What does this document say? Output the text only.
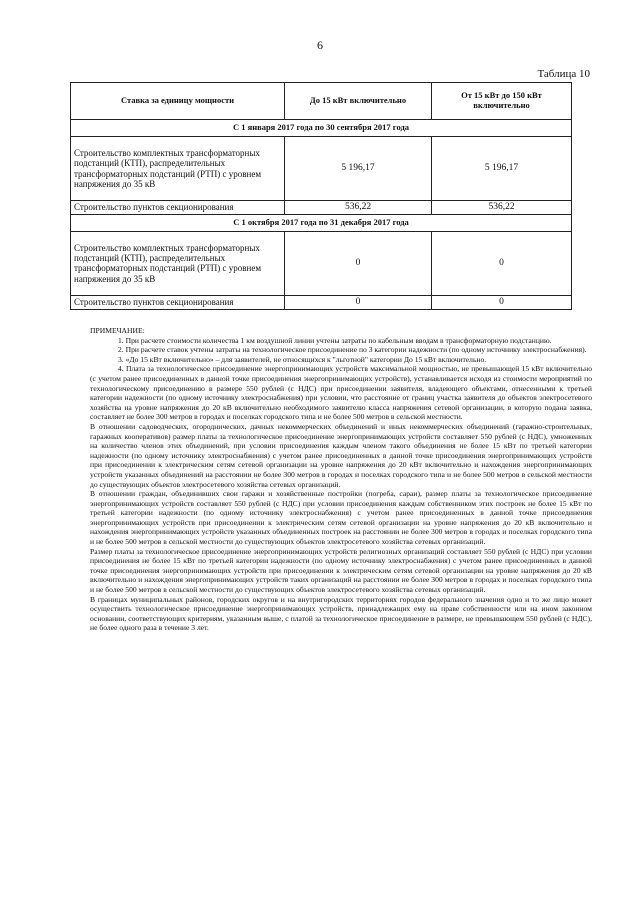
6
Таблица 10
Ставка за единицу мощности	До 15 кВт включительно	От 15 кВт до 150 кВт включительно
С 1 января 2017 года по 30 сентября 2017 года		
Строительство комплектных трансформаторных подстанций (КТП), распределительных трансформаторных подстанций (РТП) с уровнем напряжения до 35 кВ	5 196,17	5 196,17
Строительство пунктов секционирования	536,22	536,22
С 1 октября 2017 года по 31 декабря 2017 года		
Строительство комплектных трансформаторных подстанций (КТП), распределительных трансформаторных подстанций (РТП) с уровнем напряжения до 35 кВ	0	0
Строительство пунктов секционирования	0	0

ПРИМЕЧАНИЕ:

1. При расчете стоимости количества 1 км воздушной линии учтены затраты по кабельным вводам в трансформаторную подстанцию.

2. При расчете ставок учтены затраты на технологическое присоединение по 3 категории надежности (по одному источнику электроснабжения).

3. «До 15 кВт включительно» – для заявителей, не относящихся к "льготной" категории До 15 кВт включительно.

4. Плата за технологическое присоединение энергопринимающих устройств максимальной мощностью, не превышающей 15 кВт включительно (с учетом ранее присоединенных в данной точке присоединения энергопринимающих устройств), устанавливается исходя из стоимости мероприятий по технологическому присоединению в размере 550 рублей (с НДС) при присоединении заявителя, владеющего объектами, отнесенными к третьей категории надежности (по одному источнику электроснабжения) при условии, что расстояние от границ участка заявителя до объектов электросетевого хозяйства на уровне напряжения до 20 кВ включительно необходимого заявителю класса напряжения сетевой организации, в которую подана заявка, составляет не более 300 метров в городах и поселках городского типа и не более 500 метров в сельской местности.

В отношении садоводческих, огороднических, дачных некоммерческих объединений и иных некоммерческих объединений (гаражно-строительных, гаражных кооперативов) размер платы за технологическое присоединение энергопринимающих устройств составляет 550 рублей (с НДС), умноженных на количество членов этих объединений, при условии присоединения каждым членом такого объединения не более 15 кВт по третьей категории надежности (по одному источнику электроснабжения) с учетом ранее присоединенных в данной точке присоединения энергопринимающих устройств при присоединении к электрическим сетям сетевой организации на уровне напряжения до 20 кВт включительно и нахождения энергопринимающих устройств указанных объединений на расстоянии не более 300 метров в городах и поселках городского типа и не более 500 метров в сельской местности до существующих объектов электросетевого хозяйства сетевых организаций.

В отношении граждан, объединивших свои гаражи и хозяйственные постройки (погреба, сараи), размер платы за технологическое присоединение энергопринимающих устройств составляет 550 рублей (с НДС) при условии присоединения каждым собственником этих построек не более 15 кВт по третьей категории надежности (по одному источнику электроснабжения) с учетом ранее присоединенных в данной точке присоединения энергопринимающих устройств при присоединении к электрическим сетям сетевой организации на уровне напряжения до 20 кВ включительно и нахождения энергопринимающих устройств указанных объединенных построек на расстоянии не более 300 метров в городах и поселках городского типа и не более 500 метров в сельской местности до существующих объектов электросетевого хозяйства сетевых организаций.

Размер платы за технологическое присоединение энергопринимающих устройств религиозных организаций составляет 550 рублей (с НДС) при условии присоединения не более 15 кВт по третьей категории надежности (по одному источнику электроснабжения) с учетом ранее присоединенных в данной точке присоединения энергопринимающих устройств при присоединении к электрическим сетям сетевой организации на уровне напряжения до 20 кВ включительно и нахождения энергопринимающих устройств таких организаций на расстоянии не более 300 метров в городах и поселках городского типа и не более 500 метров в сельской местности до существующих объектов электросетевого хозяйства сетевых организаций.

В границах муниципальных районов, городских округов и на внутригородских территориях городов федерального значения одно и то же лицо может осуществить технологическое присоединение энергопринимающих устройств, принадлежащих ему на праве собственности или на ином законном основании, соответствующих критериям, указанным выше, с платой за технологическое присоединение в размере, не превышающем 550 рублей (с НДС), не более одного раза в течение 3 лет.
